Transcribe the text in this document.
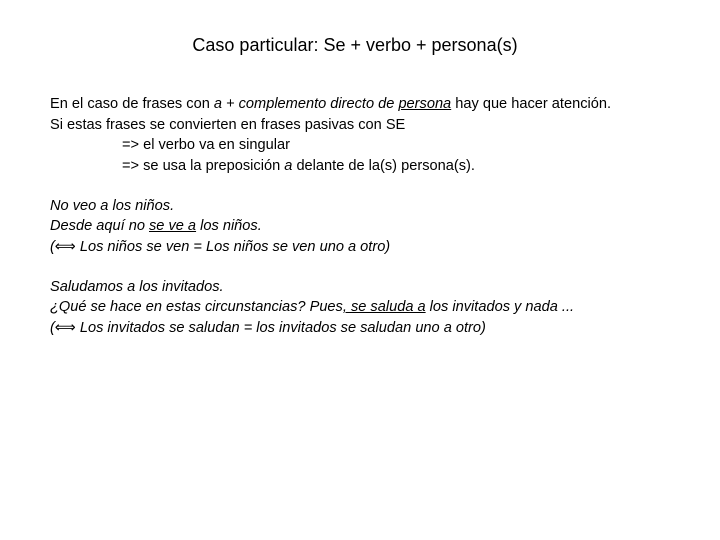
Caso particular: Se + verbo + persona(s)
En el caso de frases con a + complemento directo de persona hay que hacer atención.
Si estas frases se convierten en frases pasivas con SE
=> el verbo va en singular
=> se usa la preposición a delante de la(s) persona(s).
No veo a los niños.
Desde aquí no se ve a los niños.
(⟺ Los niños se ven = Los niños se ven uno a otro)
Saludamos a los invitados.
¿Qué se hace en estas circunstancias? Pues, se saluda a los invitados y nada ...
(⟺ Los invitados se saludan = los invitados se saludan uno a otro)
